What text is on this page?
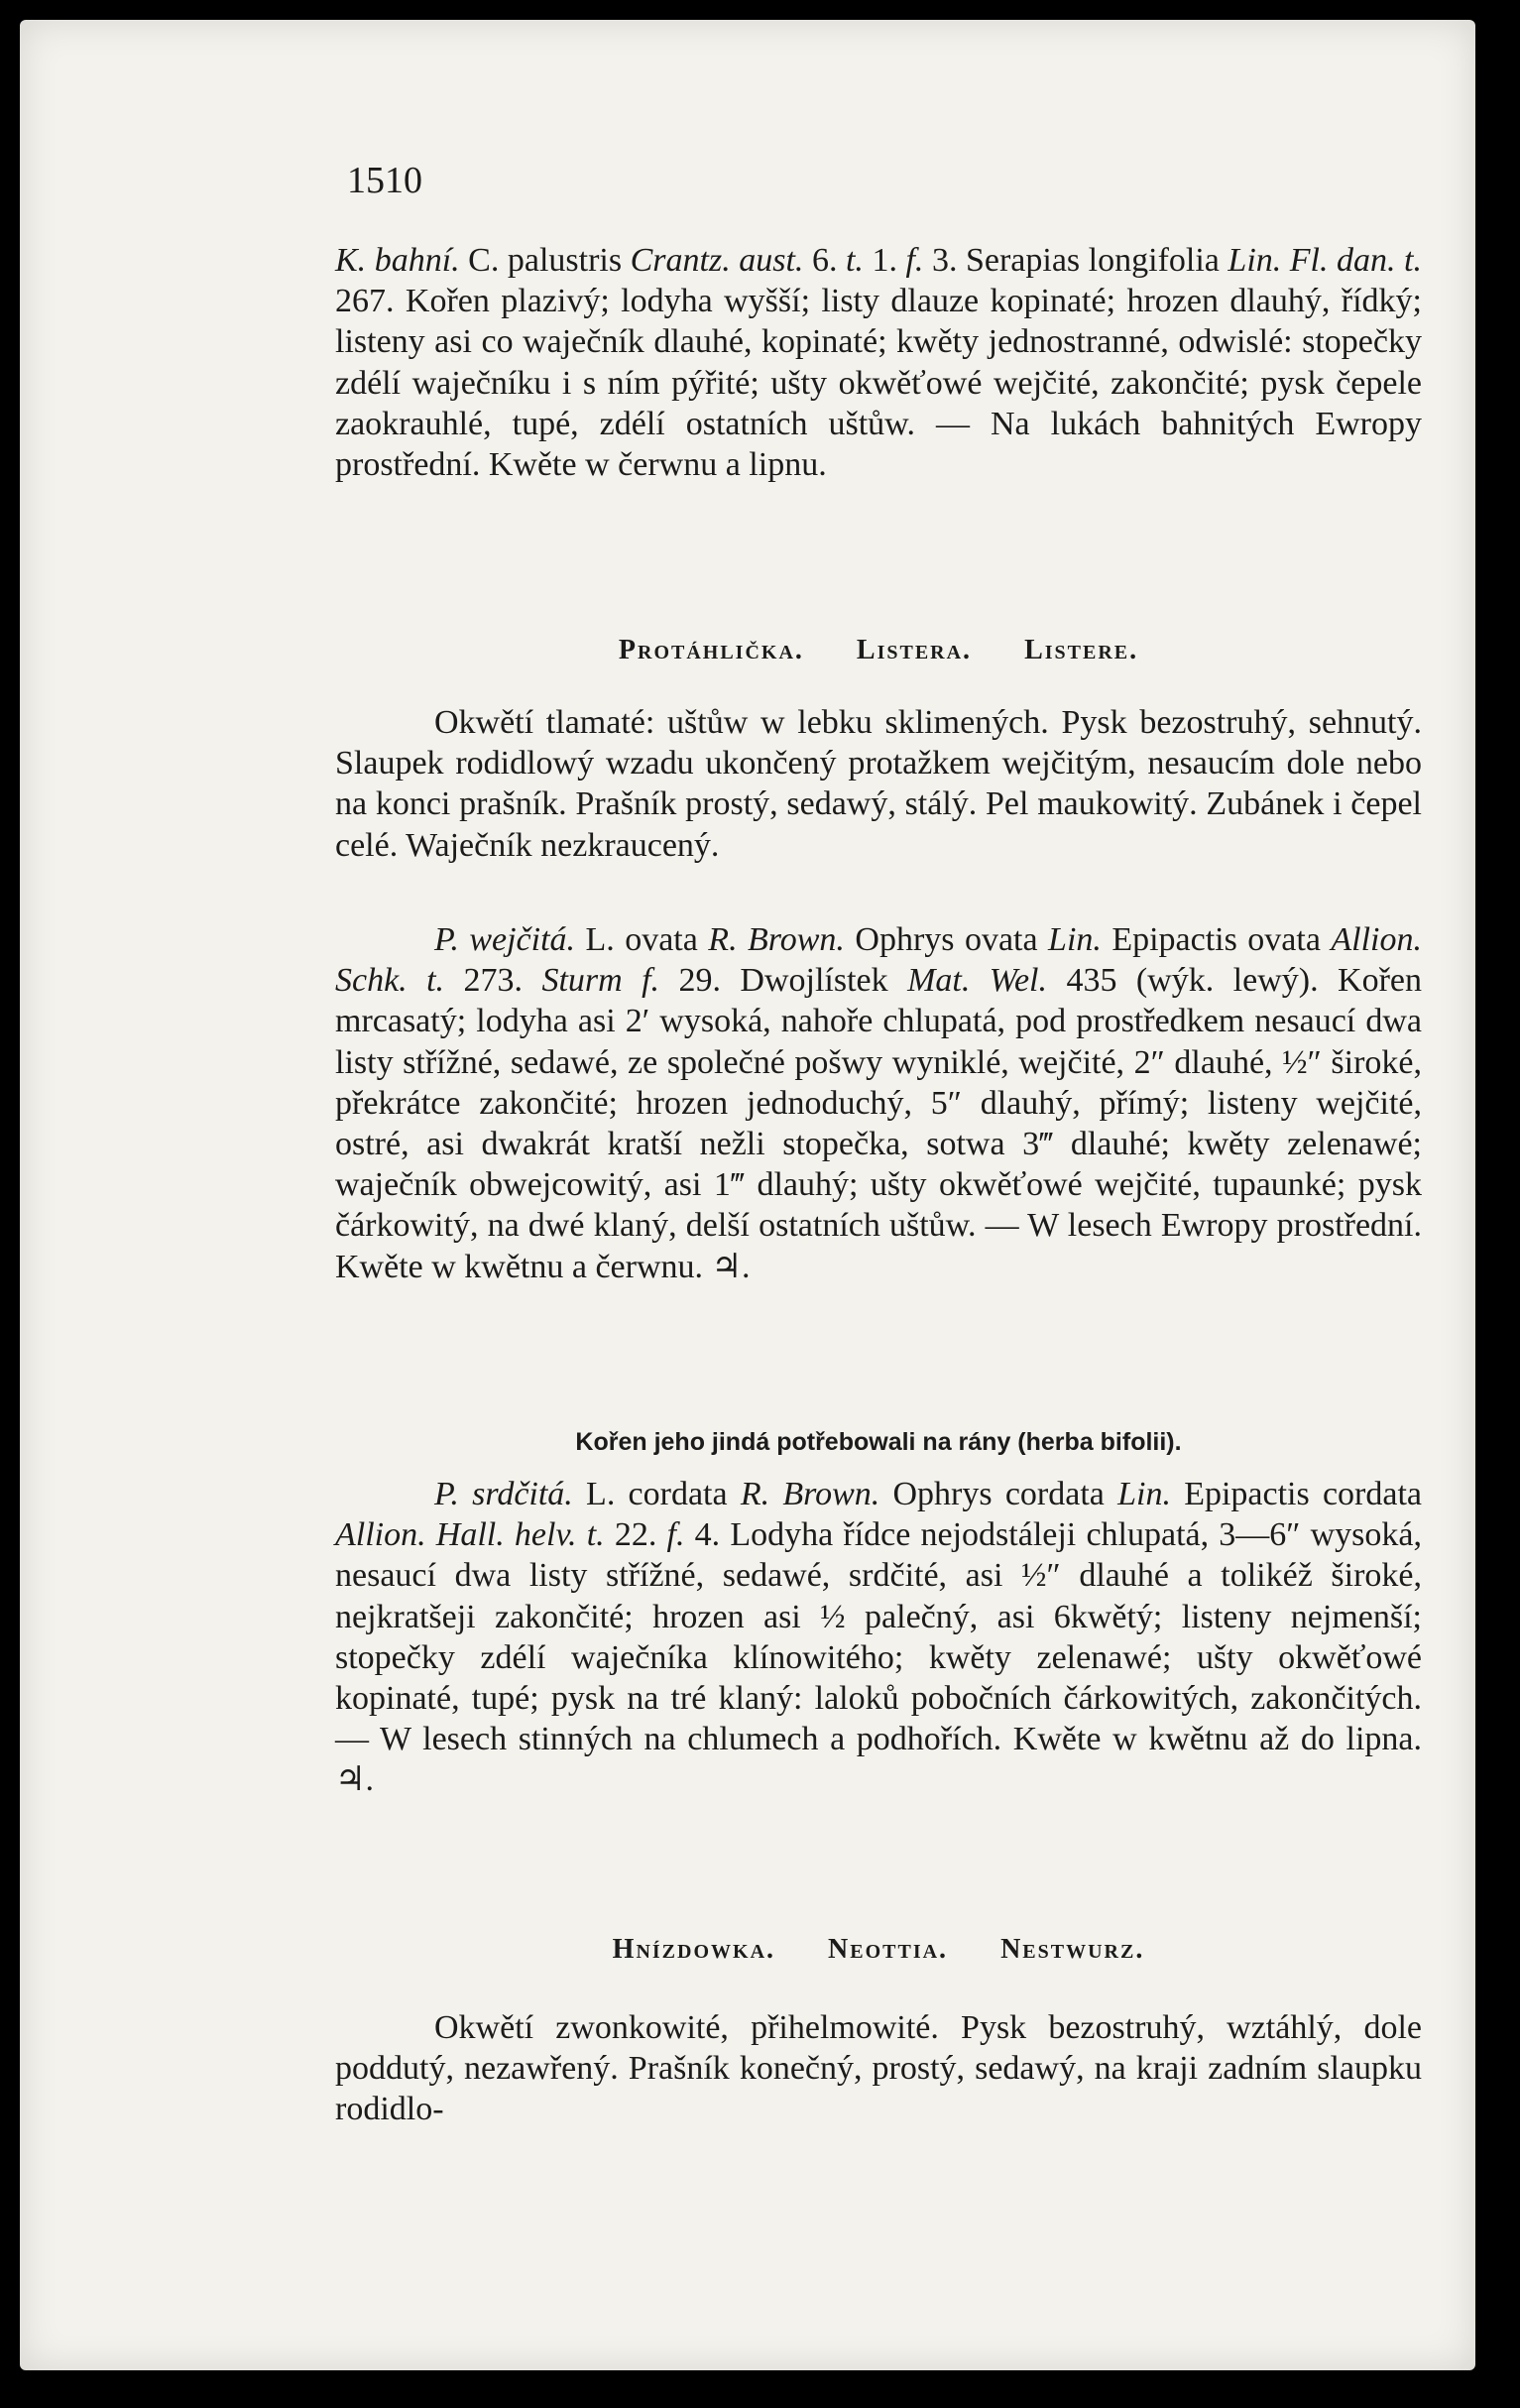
1510

K. bahní. C. palustris Crantz. aust. 6. t. 1. f. 3. Serapias longifolia Lin. Fl. dan. t. 267. Kořen plazivý; lodyha wyšší; listy dlauze kopinaté; hrozen dlauhý, řídký; listeny asi co waječník dlauhé, kopinaté; kwěty jednostranné, odwislé: stopečky zdélí waječníku i s ním pýřité; ušty okwěťowé wejčité, zakončité; pysk čepele zaokrauhlé, tupé, zdélí ostatních uštůw. — Na lukách bahnitých Ewropy prostřední. Kwěte w čerwnu a lipnu.

Protáhlička. Listera. Listere.

Okwětí tlamaté: uštůw w lebku sklimených. Pysk bezostruhý, sehnutý. Slaupek rodidlowý wzadu ukončený protažkem wejčitým, nesaucím dole nebo na konci prašník. Prašník prostý, sedawý, stálý. Pel maukowitý. Zubánek i čepel celé. Waječník nezkraucený.

P. wejčitá. L. ovata R. Brown. Ophrys ovata Lin. Epipactis ovata Allion. Schk. t. 273. Sturm f. 29. Dwojlístek Mat. Wel. 435 (wýk. lewý). Kořen mrcasatý; lodyha asi 2′ wysoká, nahoře chlupatá, pod prostředkem nesaucí dwa listy střížné, sedawé, ze společné pošwy wyniklé, wejčité, 2″ dlauhé, ½″ široké, překrátce zakončité; hrozen jednoduchý, 5″ dlauhý, přímý; listeny wejčité, ostré, asi dwakrát kratší nežli stopečka, sotwa 3‴ dlauhé; kwěty zelenawé; waječník obwejcowitý, asi 1‴ dlauhý; ušty okwěťowé wejčité, tupaunké; pysk čárkowitý, na dwé klaný, delší ostatních uštůw. — W lesech Ewropy prostřední. Kwěte w kwětnu a čerwnu. ♃.

Kořen jeho jindá potřebowali na rány (herba bifolii).

P. srdčitá. L. cordata R. Brown. Ophrys cordata Lin. Epipactis cordata Allion. Hall. helv. t. 22. f. 4. Lodyha řídce nejodstáleji chlupatá, 3—6″ wysoká, nesaucí dwa listy střížné, sedawé, srdčité, asi ½″ dlauhé a tolikéž široké, nejkratšeji zakončité; hrozen asi ½ palečný, asi 6kwětý; listeny nejmenší; stopečky zdélí waječníka klínowitého; kwěty zelenawé; ušty okwěťowé kopinaté, tupé; pysk na tré klaný: laloků pobočních čárkowitých, zakončitých. — W lesech stinných na chlumech a podhořích. Kwěte w kwětnu až do lipna. ♃.

Hnízdowka. Neottia. Nestwurz.

Okwětí zwonkowité, přihelmowité. Pysk bezostruhý, wztáhlý, dole poddutý, nezawřený. Prašník konečný, prostý, sedawý, na kraji zadním slaupku rodidlo-
